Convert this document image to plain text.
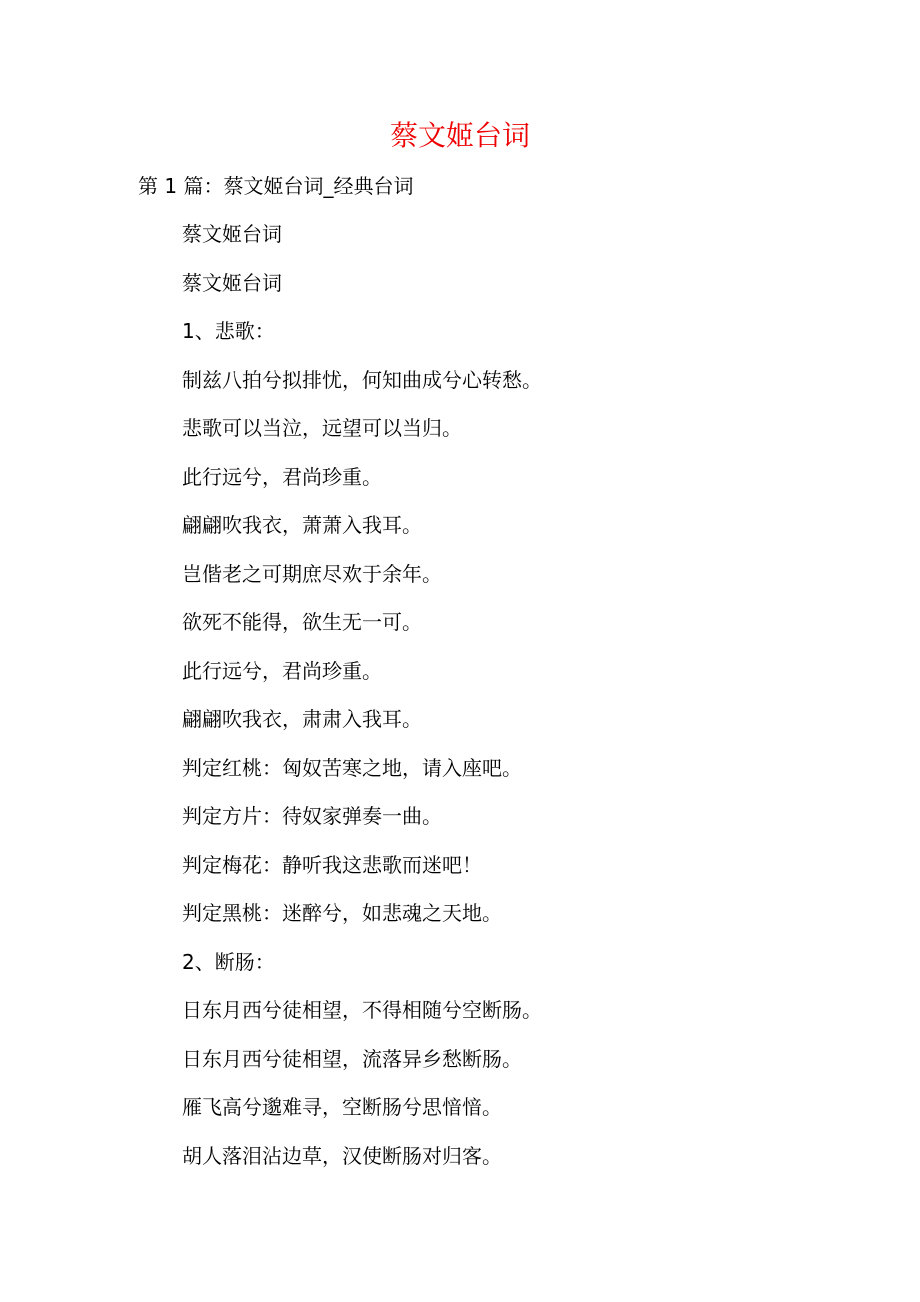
蔡文姬台词
第 1 篇：蔡文姬台词_经典台词
蔡文姬台词
蔡文姬台词
1、悲歌：
制兹八拍兮拟排忧，何知曲成兮心转愁。
悲歌可以当泣，远望可以当归。
此行远兮，君尚珍重。
翩翩吹我衣，萧萧入我耳。
岂偕老之可期庶尽欢于余年。
欲死不能得，欲生无一可。
此行远兮，君尚珍重。
翩翩吹我衣，肃肃入我耳。
判定红桃：匈奴苦寒之地，请入座吧。
判定方片：待奴家弹奏一曲。
判定梅花：静听我这悲歌而迷吧！
判定黑桃：迷醉兮，如悲魂之天地。
2、断肠：
日东月西兮徒相望，不得相随兮空断肠。
日东月西兮徒相望，流落异乡愁断肠。
雁飞高兮邈难寻，空断肠兮思愔愔。
胡人落泪沾边草，汉使断肠对归客。
